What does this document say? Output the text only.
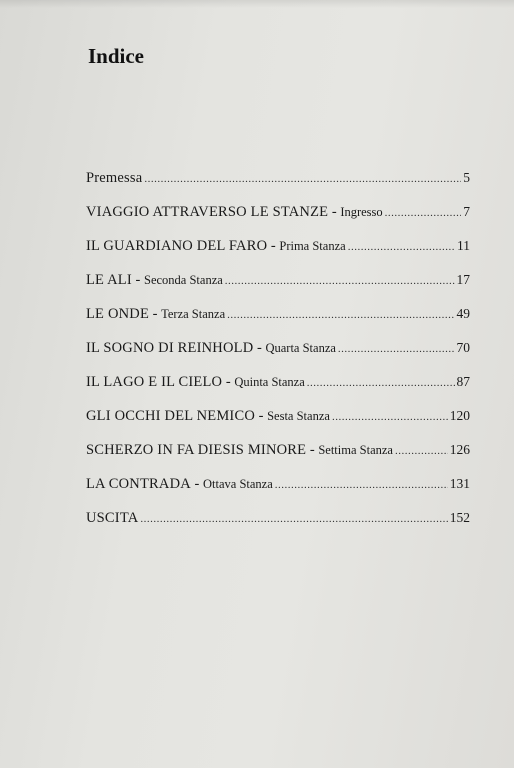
Indice
Premessa .....	5
VIAGGIO ATTRAVERSO LE STANZE - Ingresso .....	7
IL GUARDIANO DEL FARO - Prima Stanza .....	11
LE ALI - Seconda Stanza .....	17
LE ONDE - Terza Stanza .....	49
IL SOGNO DI REINHOLD - Quarta Stanza .....	70
IL LAGO E IL CIELO - Quinta Stanza .....	87
GLI OCCHI DEL NEMICO - Sesta Stanza .....	120
SCHERZO IN FA DIESIS MINORE - Settima Stanza .....	126
LA CONTRADA - Ottava Stanza .....	131
USCITA .....	152
